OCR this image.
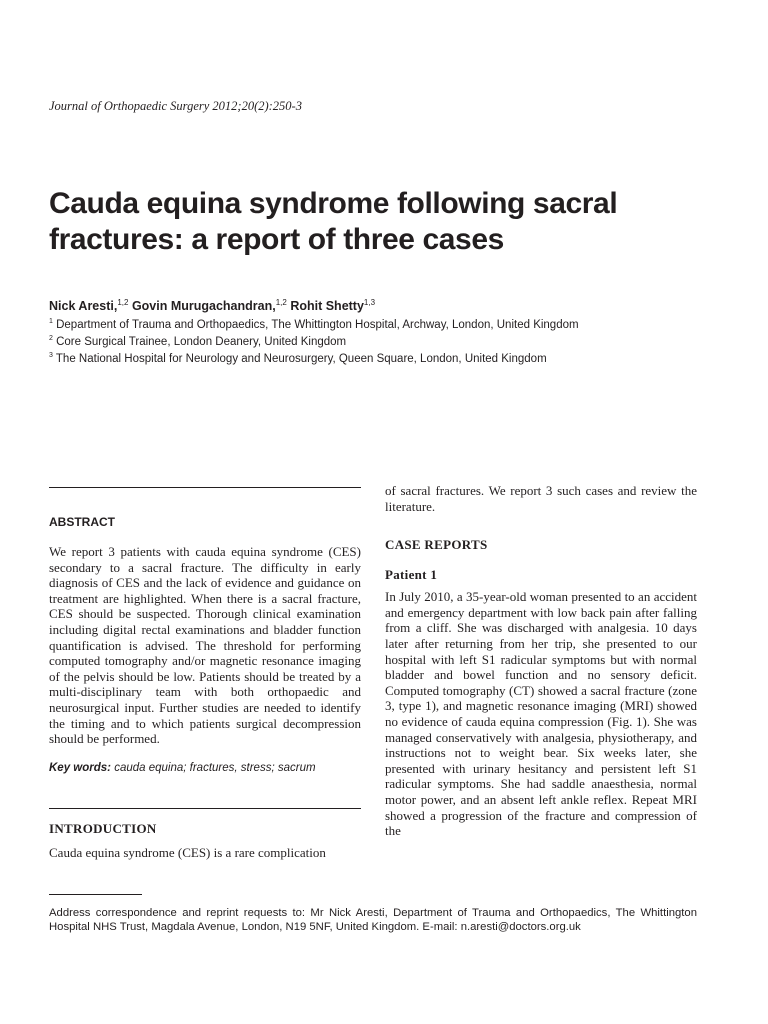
Journal of Orthopaedic Surgery 2012;20(2):250-3
Cauda equina syndrome following sacral fractures: a report of three cases
Nick Aresti,$^{1,2}$ Govin Murugachandran,$^{1,2}$ Rohit Shetty$^{1,3}$
$^1$ Department of Trauma and Orthopaedics, The Whittington Hospital, Archway, London, United Kingdom
$^2$ Core Surgical Trainee, London Deanery, United Kingdom
$^3$ The National Hospital for Neurology and Neurosurgery, Queen Square, London, United Kingdom
ABSTRACT

We report 3 patients with cauda equina syndrome (CES) secondary to a sacral fracture. The difficulty in early diagnosis of CES and the lack of evidence and guidance on treatment are highlighted. When there is a sacral fracture, CES should be suspected. Thorough clinical examination including digital rectal examinations and bladder function quantification is advised. The threshold for performing computed tomography and/or magnetic resonance imaging of the pelvis should be low. Patients should be treated by a multi-disciplinary team with both orthopaedic and neurosurgical input. Further studies are needed to identify the timing and to which patients surgical decompression should be performed.

Key words: cauda equina; fractures, stress; sacrum

INTRODUCTION

Cauda equina syndrome (CES) is a rare complication

of sacral fractures. We report 3 such cases and review the literature.

CASE REPORTS
Patient 1

In July 2010, a 35-year-old woman presented to an accident and emergency department with low back pain after falling from a cliff. She was discharged with analgesia. 10 days later after returning from her trip, she presented to our hospital with left S1 radicular symptoms but with normal bladder and bowel function and no sensory deficit. Computed tomography (CT) showed a sacral fracture (zone 3, type 1), and magnetic resonance imaging (MRI) showed no evidence of cauda equina compression (Fig. 1). She was managed conservatively with analgesia, physiotherapy, and instructions not to weight bear. Six weeks later, she presented with urinary hesitancy and persistent left S1 radicular symptoms. She had saddle anaesthesia, normal motor power, and an absent left ankle reflex. Repeat MRI showed a progression of the fracture and compression of the

Address correspondence and reprint requests to: Mr Nick Aresti, Department of Trauma and Orthopaedics, The Whittington Hospital NHS Trust, Magdala Avenue, London, N19 5NF, United Kingdom. E-mail: n.aresti@doctors.org.uk
